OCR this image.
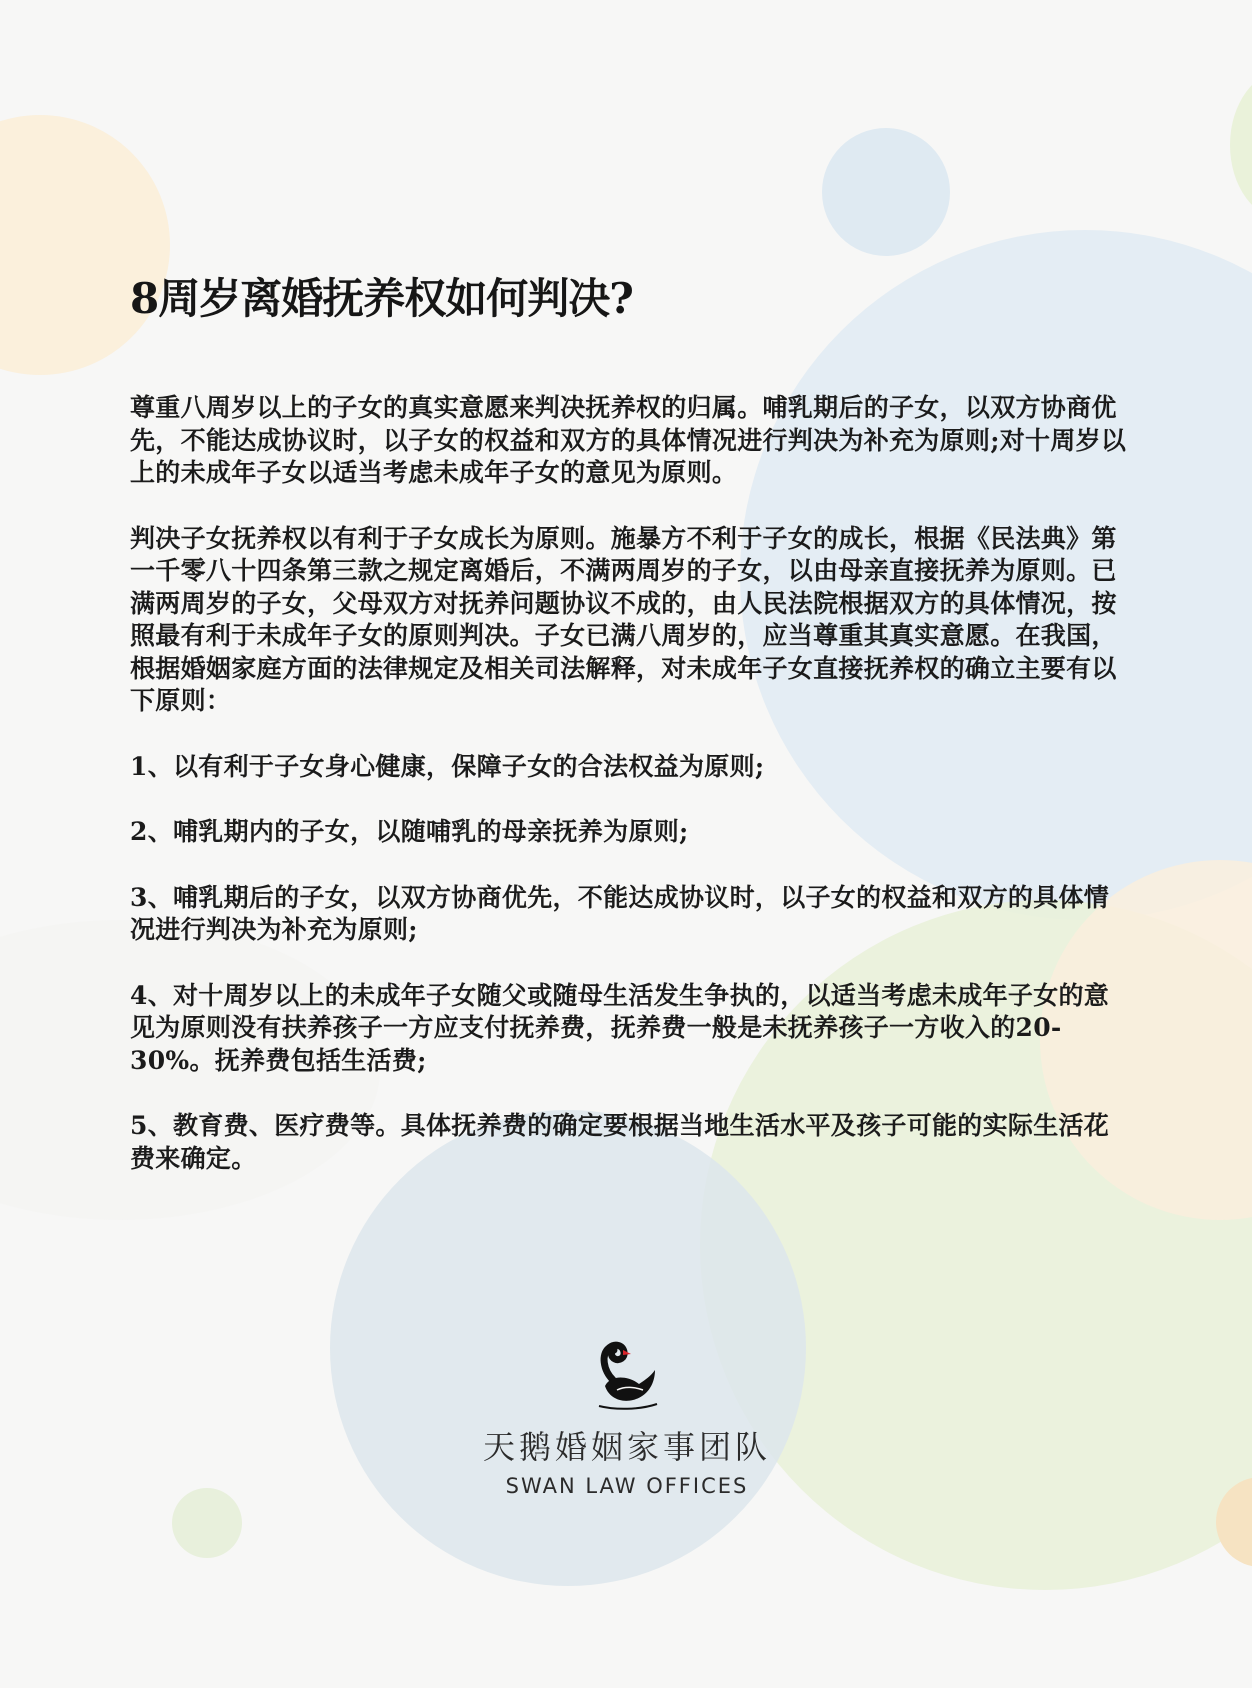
8周岁离婚抚养权如何判决?

尊重八周岁以上的子女的真实意愿来判决抚养权的归属。哺乳期后的子女，以双方协商优先，不能达成协议时，以子女的权益和双方的具体情况进行判决为补充为原则;对十周岁以上的未成年子女以适当考虑未成年子女的意见为原则。

判决子女抚养权以有利于子女成长为原则。施暴方不利于子女的成长，根据《民法典》第一千零八十四条第三款之规定离婚后，不满两周岁的子女，以由母亲直接抚养为原则。已满两周岁的子女，父母双方对抚养问题协议不成的，由人民法院根据双方的具体情况，按照最有利于未成年子女的原则判决。子女已满八周岁的，应当尊重其真实意愿。在我国，根据婚姻家庭方面的法律规定及相关司法解释，对未成年子女直接抚养权的确立主要有以下原则：

1、以有利于子女身心健康，保障子女的合法权益为原则;

2、哺乳期内的子女，以随哺乳的母亲抚养为原则;

3、哺乳期后的子女，以双方协商优先，不能达成协议时，以子女的权益和双方的具体情况进行判决为补充为原则;

4、对十周岁以上的未成年子女随父或随母生活发生争执的，以适当考虑未成年子女的意见为原则没有扶养孩子一方应支付抚养费，抚养费一般是未抚养孩子一方收入的20-30%。抚养费包括生活费;

5、教育费、医疗费等。具体抚养费的确定要根据当地生活水平及孩子可能的实际生活花费来确定。

天鹅婚姻家事团队
SWAN LAW OFFICES
